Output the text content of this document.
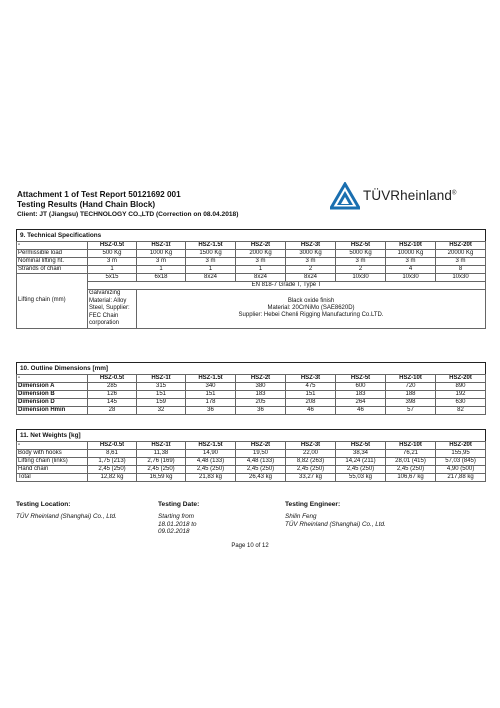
Attachment 1 of Test Report 50121692 001
Testing Results (Hand Chain Block)
Client: JT (Jiangsu) TECHNOLOGY CO.,LTD (Correction on 08.04.2018)
TÜVRheinland®
9. Technical Specifications								
-	HSZ-0.5t	HSZ-1t	HSZ-1.5t	HSZ-2t	HSZ-3t	HSZ-5t	HSZ-10t	HSZ-20t
Permissible load	500 Kg	1000 Kg	1500 Kg	2000 Kg	3000 Kg	5000 Kg	10000 Kg	20000 Kg
Nominal lifting ht.	3 m	3 m	3 m	3 m	3 m	3 m	3 m	3 m
Strands of chain	1	1	1	1	2	2	4	8
Lifting chain (mm)	5x15	6x18	8x24	8x24	8x24	10x30	10x30	10x30
	EN 818-7 Grade T, Type T							
	Galvanizing Material: Alloy Steel, Supplier: FEC Chain corporation	Black oxide finish
Material: 20CrNiMo (SAE8620D)
Supplier: Hebei Chenli Rigging Manufacturing Co.LTD.						
10. Outline Dimensions [mm]								
-	HSZ-0.5t	HSZ-1t	HSZ-1.5t	HSZ-2t	HSZ-3t	HSZ-5t	HSZ-10t	HSZ-20t
Dimension A	285	315	340	380	475	600	720	890
Dimension B	126	151	151	183	151	183	188	192
Dimension D	145	159	178	205	208	264	398	630
Dimension Hmin	28	32	36	36	46	46	57	82
11. Net Weights [kg]								
-	HSZ-0.5t	HSZ-1t	HSZ-1.5t	HSZ-2t	HSZ-3t	HSZ-5t	HSZ-10t	HSZ-20t
Body with hooks	8,61	11,38	14,90	19,50	22,00	38,34	76,21	155,95
Lifting chain (links)	1,75 (213)	2,76 (169)	4,48 (133)	4,48 (133)	8,82 (263)	14,24 (211)	28,01 (415)	57,03 (845)
Hand chain	2,45 (250)	2,45 (250)	2,45 (250)	2,45 (250)	2,45 (250)	2,45 (250)	2,45 (250)	4,90 (500)
Total	12,82 kg	16,59 kg	21,83 kg	26,43 kg	33,27 kg	55,03 kg	106,67 kg	217,88 kg
Testing Location:
TÜV Rheinland (Shanghai) Co., Ltd.
Testing Date:
Starting from
18.01.2018 to
09.02.2018
Testing Engineer:
Shilin Feng
TÜV Rheinland (Shanghai) Co., Ltd.
Page 10 of 12
